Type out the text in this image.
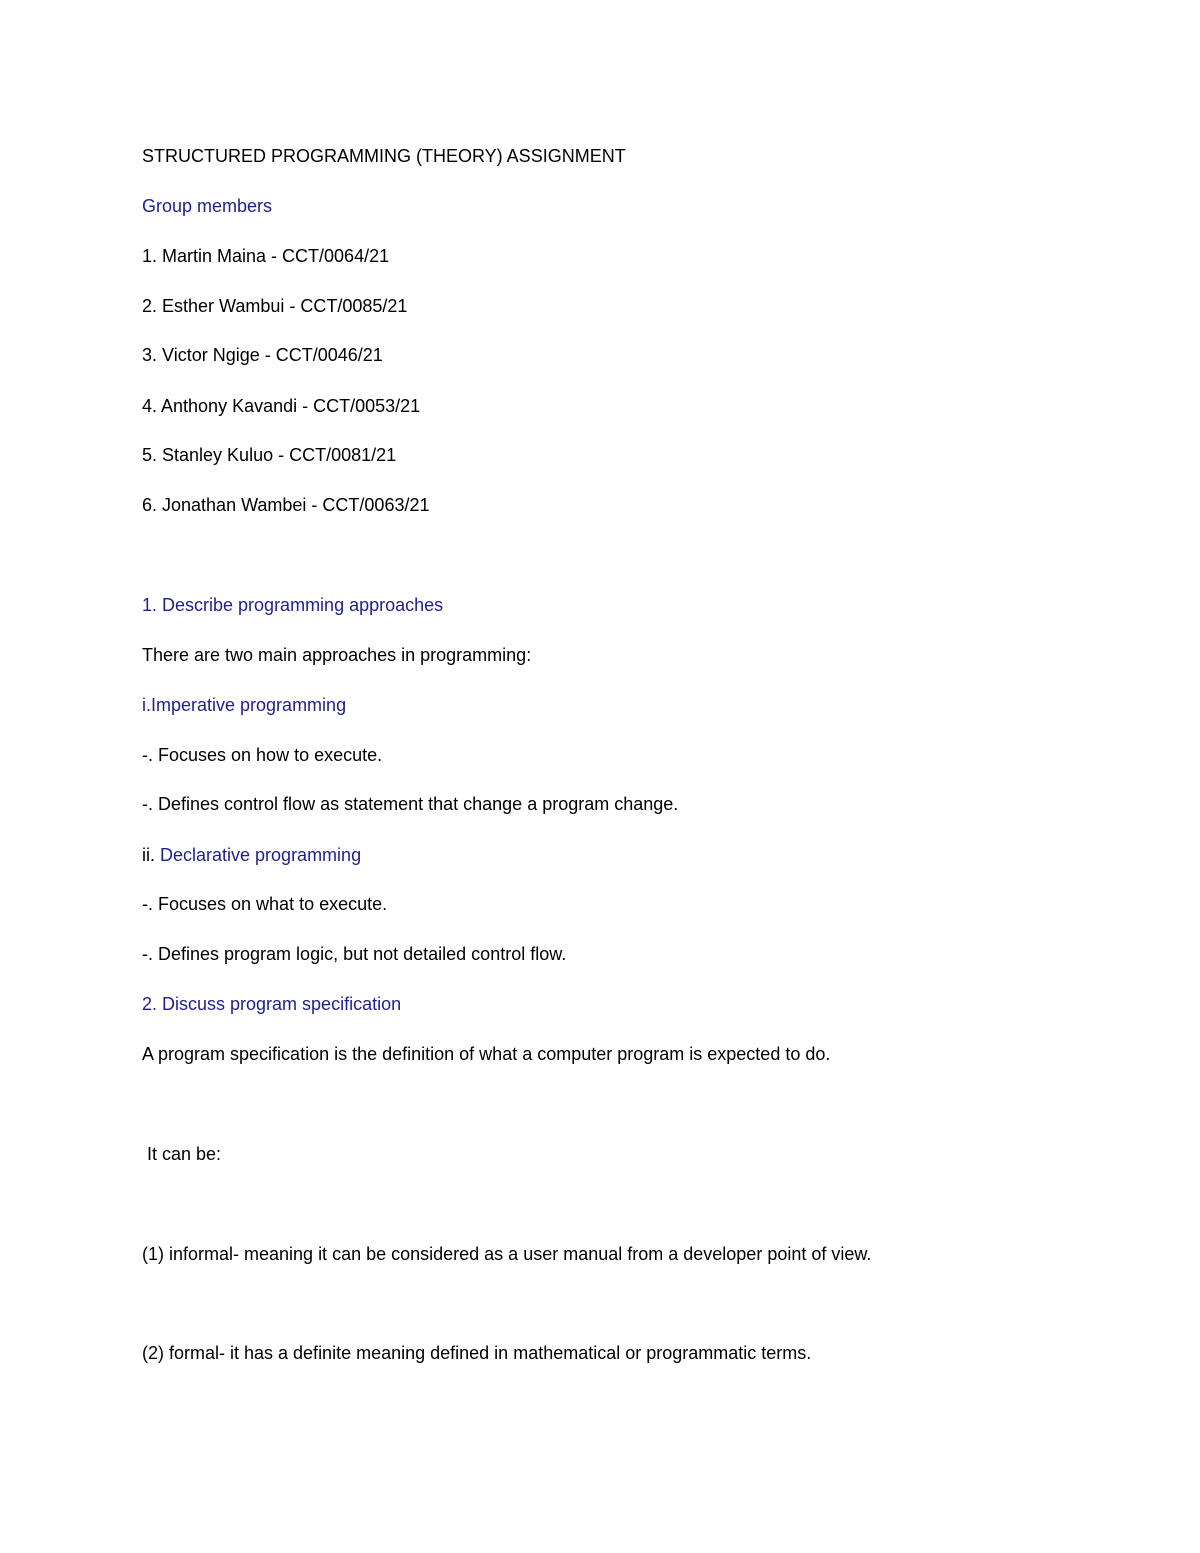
STRUCTURED PROGRAMMING (THEORY) ASSIGNMENT
Group members
1. Martin Maina - CCT/0064/21
2. Esther Wambui - CCT/0085/21
3. Victor Ngige - CCT/0046/21
4. Anthony Kavandi - CCT/0053/21
5. Stanley Kuluo - CCT/0081/21
6. Jonathan Wambei - CCT/0063/21
1. Describe programming approaches
There are two main approaches in programming:
i.Imperative programming
-. Focuses on how to execute.
-. Defines control flow as statement that change a program change.
ii. Declarative programming
-. Focuses on what to execute.
-. Defines program logic, but not detailed control flow.
2. Discuss program specification
A program specification is the definition of what a computer program is expected to do.
It can be:
(1) informal- meaning it can be considered as a user manual from a developer point of view.
(2) formal- it has a definite meaning defined in mathematical or programmatic terms.
